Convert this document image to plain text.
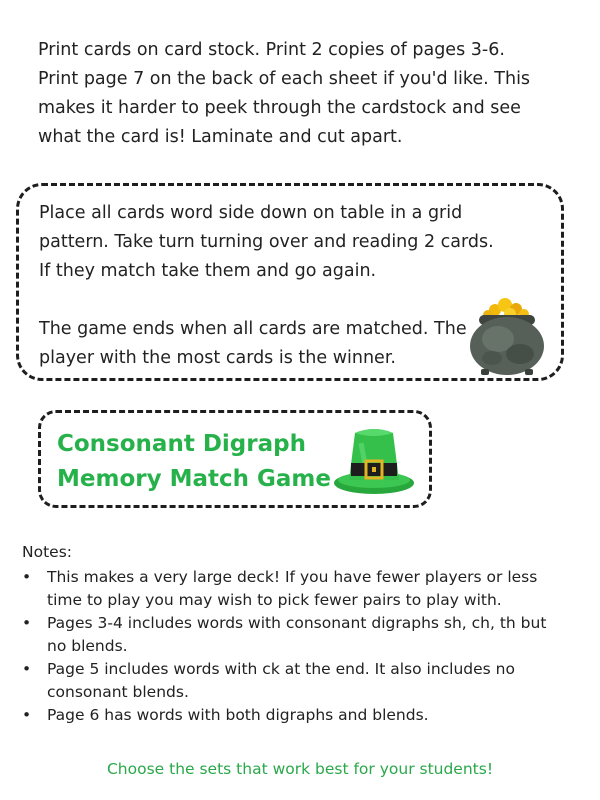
Print cards on card stock. Print 2 copies of pages 3-6. Print page 7 on the back of each sheet if you'd like. This makes it harder to peek through the cardstock and see what the card is! Laminate and cut apart.

Place all cards word side down on table in a grid pattern. Take turn turning over and reading 2 cards. If they match take them and go again.

The game ends when all cards are matched. The player with the most cards is the winner.

Consonant Digraph
Memory Match Game

Notes:

• This makes a very large deck! If you have fewer players or less time to play you may wish to pick fewer pairs to play with.
• Pages 3-4 includes words with consonant digraphs sh, ch, th but no blends.
• Page 5 includes words with ck at the end. It also includes no consonant blends.
• Page 6 has words with both digraphs and blends.

Choose the sets that work best for your students!
